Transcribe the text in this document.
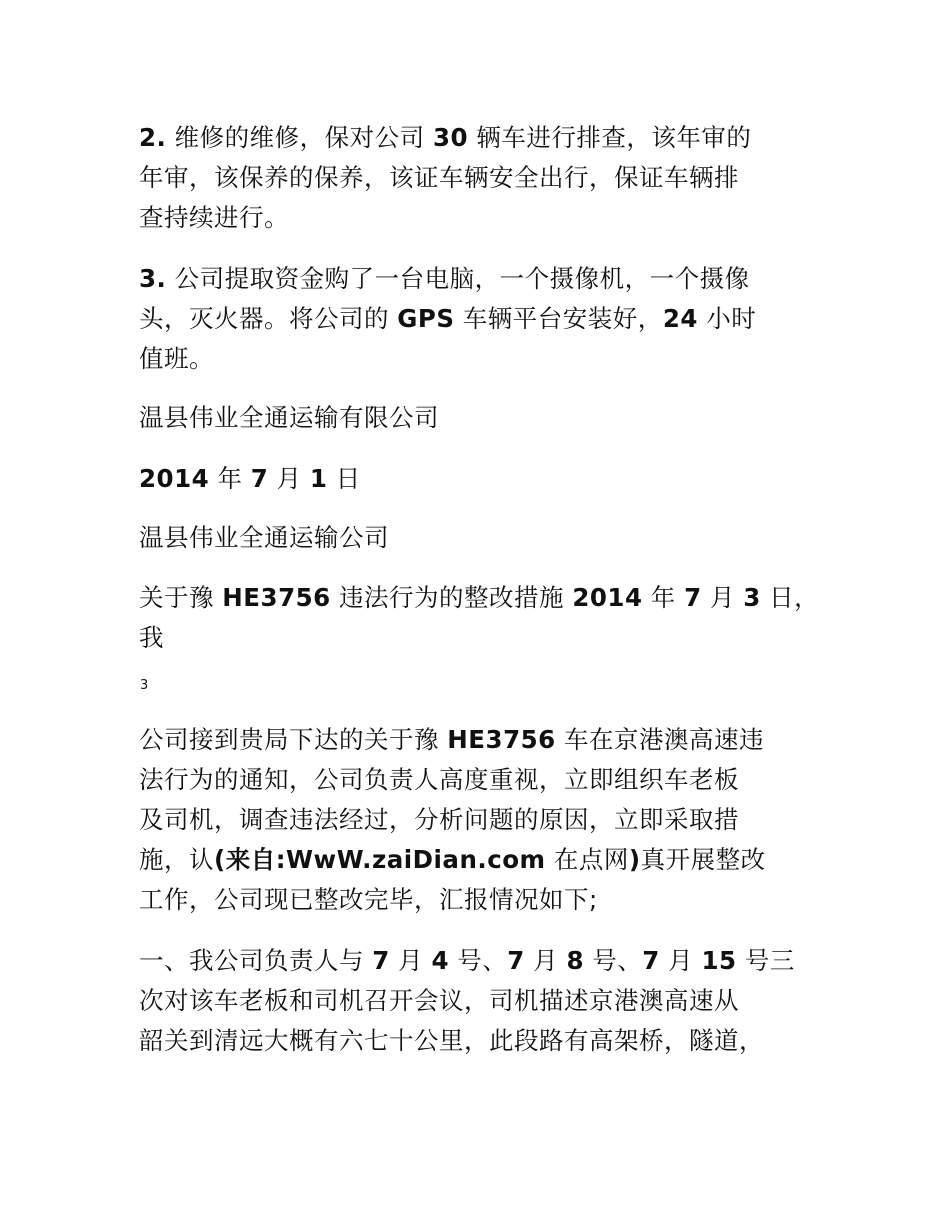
2. 维修的维修，保对公司 30 辆车进行排查，该年审的
年审，该保养的保养，该证车辆安全出行，保证车辆排
查持续进行。
3. 公司提取资金购了一台电脑，一个摄像机，一个摄像
头，灭火器。将公司的 GPS 车辆平台安装好，24 小时
值班。
温县伟业全通运输有限公司
2014 年 7 月 1 日
温县伟业全通运输公司
关于豫 HE3756 违法行为的整改措施 2014 年 7 月 3 日，
我
3
公司接到贵局下达的关于豫 HE3756 车在京港澳高速违
法行为的通知，公司负责人高度重视，立即组织车老板
及司机，调查违法经过，分析问题的原因，立即采取措
施，认(来自:WwW.zaiDian.com 在点网)真开展整改
工作，公司现已整改完毕，汇报情况如下;
一、我公司负责人与 7 月 4 号、7 月 8 号、7 月 15 号三
次对该车老板和司机召开会议，司机描述京港澳高速从
韶关到清远大概有六七十公里，此段路有高架桥，隧道，
